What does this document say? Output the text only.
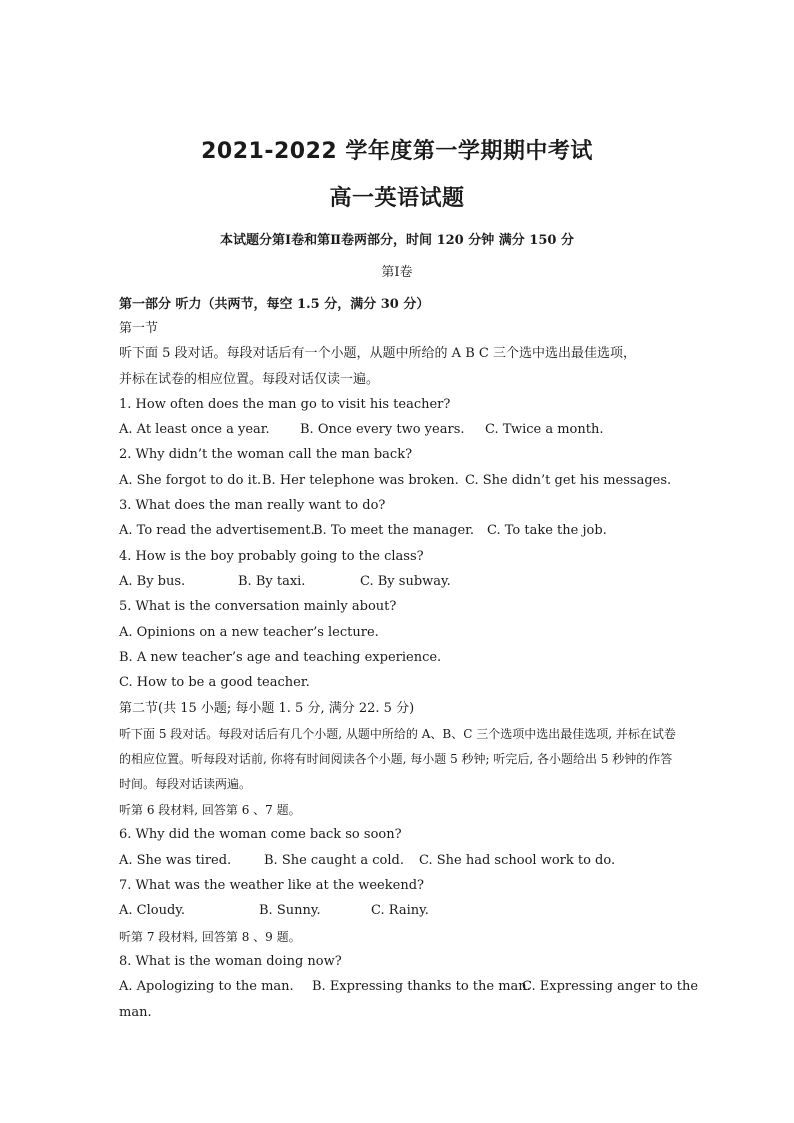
2021-2022 学年度第一学期期中考试
高一英语试题
本试题分第Ⅰ卷和第Ⅱ卷两部分，时间 120 分钟 满分 150 分
第Ⅰ卷
第一部分 听力（共两节，每空 1.5 分，满分 30 分）
第一节
听下面 5 段对话。每段对话后有一个小题，从题中所给的 A B C 三个选中选出最佳选项，
并标在试卷的相应位置。每段对话仅读一遍。
1. How often does the man go to visit his teacher?
A. At least once a year. B. Once every two years. C. Twice a month.
2. Why didn’t the woman call the man back?
A. She forgot to do it. B. Her telephone was broken. C. She didn’t get his messages.
3. What does the man really want to do?
A. To read the advertisement.
B. To meet the manager. C. To take the job.
4. How is the boy probably going to the class?
A. By bus.	B. By taxi.	C. By subway.
5. What is the conversation mainly about?
A. Opinions on a new teacher’s lecture.
B. A new teacher’s age and teaching experience.
C. How to be a good teacher.
第二节(共 15 小题; 每小题 1. 5 分, 满分 22. 5 分)
听下面 5 段对话。每段对话后有几个小题, 从题中所给的 A、B、C 三个选项中选出最佳选项, 并标在试卷
的相应位置。听每段对话前, 你将有时间阅读各个小题, 每小题 5 秒钟; 听完后, 各小题给出 5 秒钟的作答
时间。每段对话读两遍。
听第 6 段材料, 回答第 6 、7 题。
6. Why did the woman come back so soon?
A. She was tired.	B. She caught a cold. C. She had school work to do.
7. What was the weather like at the weekend?
A. Cloudy.	B. Sunny.	C. Rainy.
听第 7 段材料, 回答第 8 、9 题。
8. What is the woman doing now?
A. Apologizing to the man. B. Expressing thanks to the man.
C. Expressing anger to the
man.
